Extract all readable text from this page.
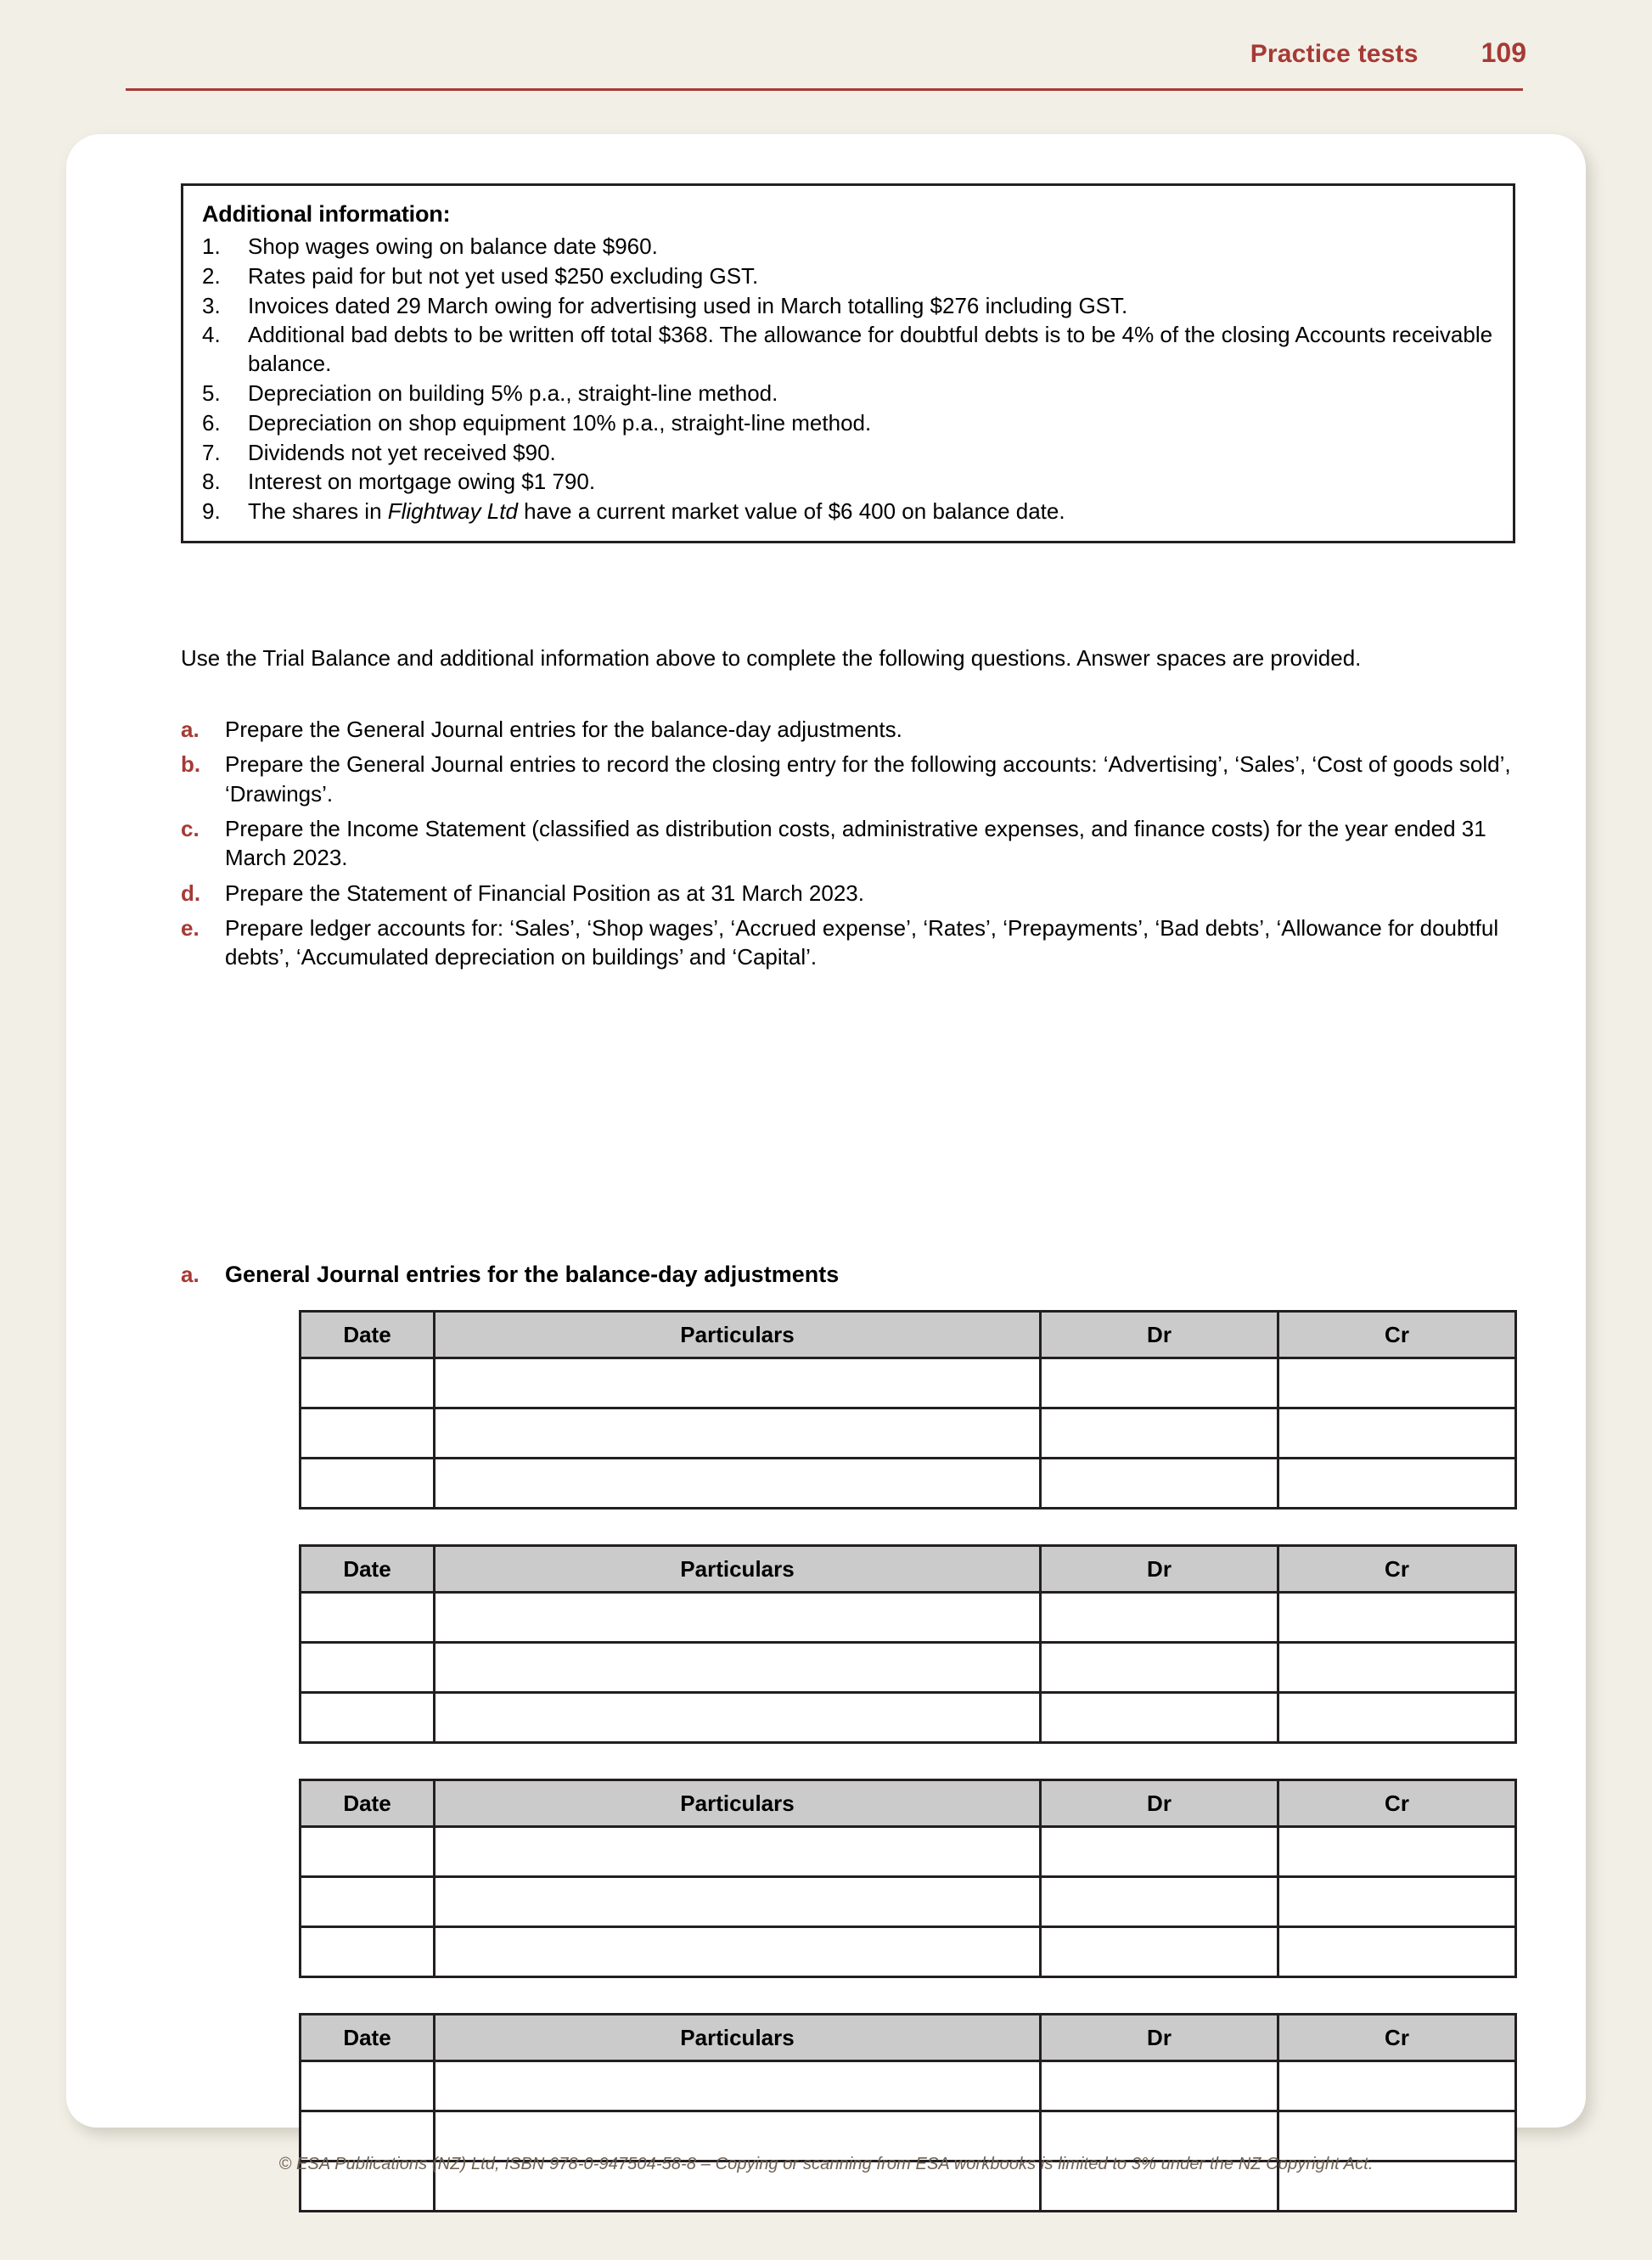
Practice tests 109
Additional information:
1.	Shop wages owing on balance date $960.
2.	Rates paid for but not yet used $250 excluding GST.
3.	Invoices dated 29 March owing for advertising used in March totalling $276 including GST.
4.	Additional bad debts to be written off total $368. The allowance for doubtful debts is to be 4% of the closing Accounts receivable balance.
5.	Depreciation on building 5% p.a., straight-line method.
6.	Depreciation on shop equipment 10% p.a., straight-line method.
7.	Dividends not yet received $90.
8.	Interest on mortgage owing $1 790.
9.	The shares in Flightway Ltd have a current market value of $6 400 on balance date.
Use the Trial Balance and additional information above to complete the following questions. Answer spaces are provided.
a.	Prepare the General Journal entries for the balance-day adjustments.
b.	Prepare the General Journal entries to record the closing entry for the following accounts: ‘Advertising’, ‘Sales’, ‘Cost of goods sold’, ‘Drawings’.
c.	Prepare the Income Statement (classified as distribution costs, administrative expenses, and finance costs) for the year ended 31 March 2023.
d.	Prepare the Statement of Financial Position as at 31 March 2023.
e.	Prepare ledger accounts for: ‘Sales’, ‘Shop wages’, ‘Accrued expense’, ‘Rates’, ‘Prepayments’, ‘Bad debts’, ‘Allowance for doubtful debts’, ‘Accumulated depreciation on buildings’ and ‘Capital’.
a.	General Journal entries for the balance-day adjustments
Date	Particulars	Dr	Cr

Date	Particulars	Dr	Cr

Date	Particulars	Dr	Cr

Date	Particulars	Dr	Cr

© ESA Publications (NZ) Ltd, ISBN 978-0-947504-58-8 – Copying or scanning from ESA workbooks is limited to 3% under the NZ Copyright Act.
